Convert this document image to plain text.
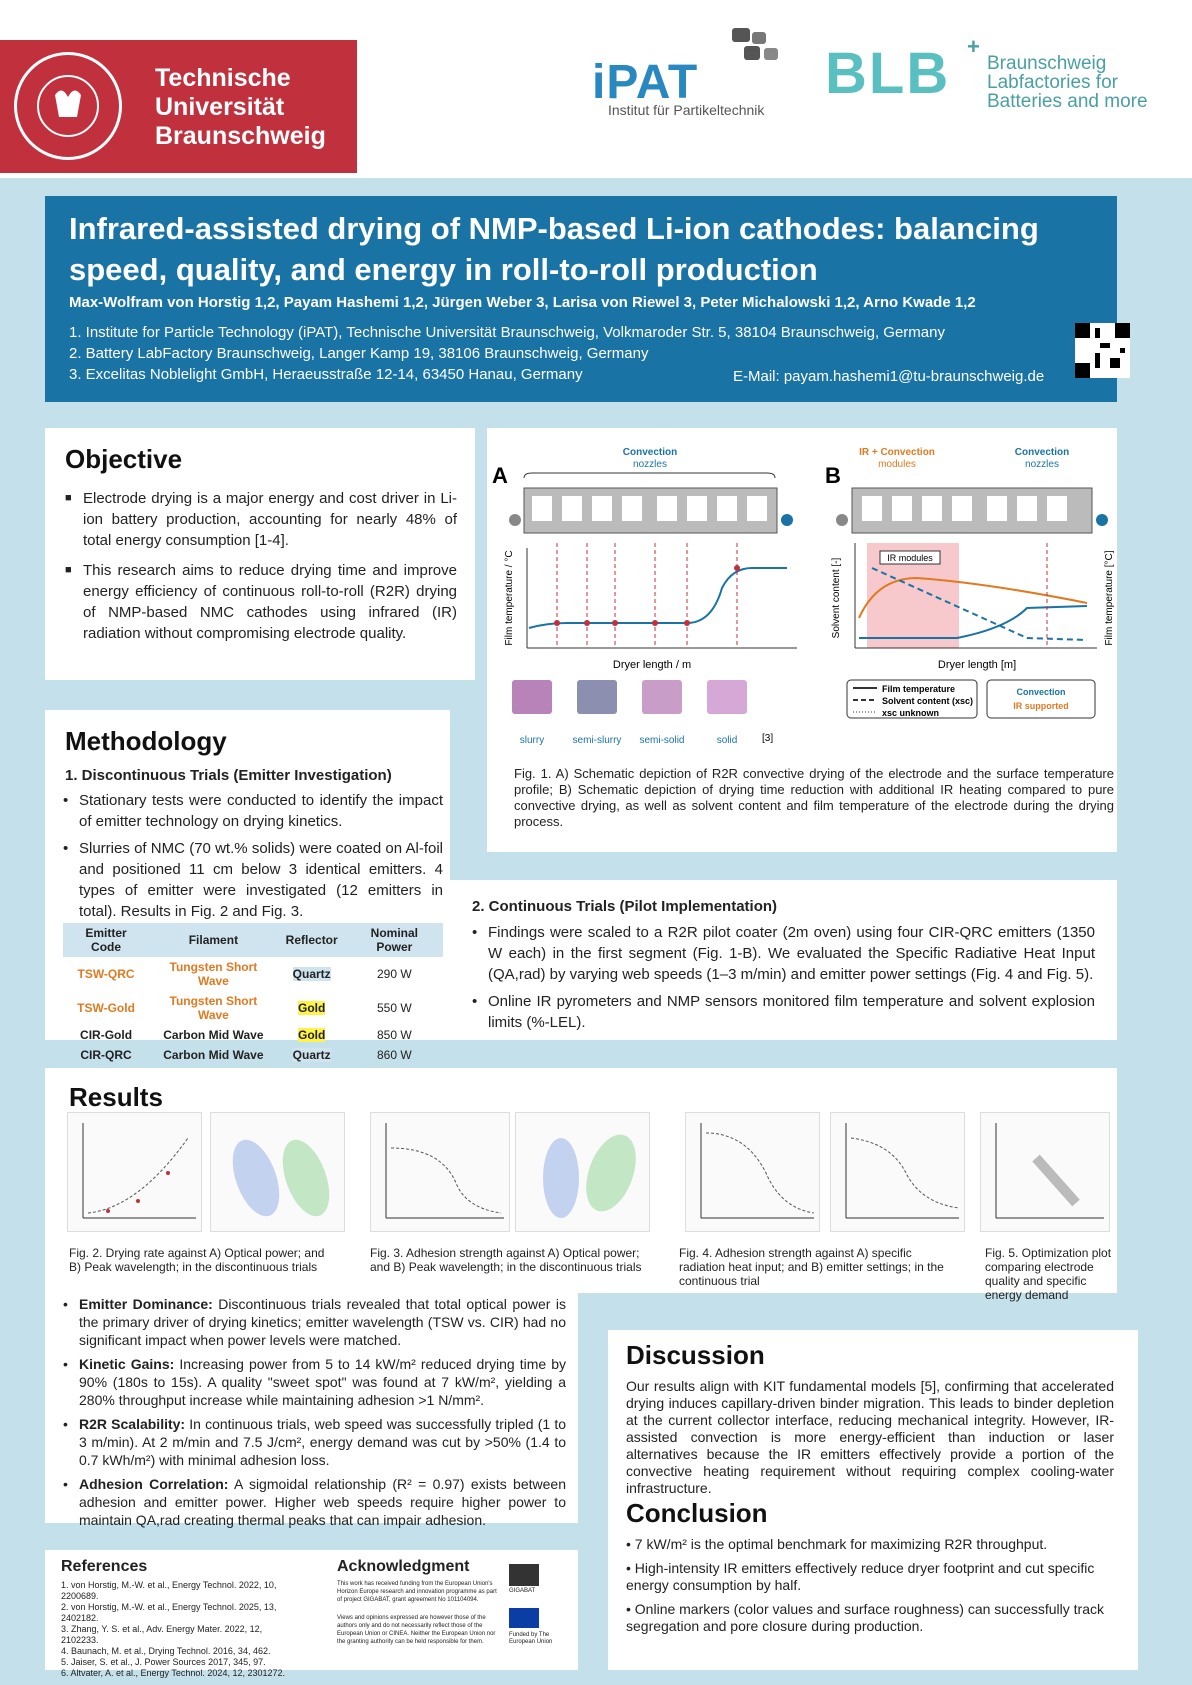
Technische
Universität
Braunschweig
iPAT
Institut für Partikeltechnik
BLB +
Braunschweig
Labfactories for
Batteries and more
Infrared-assisted drying of NMP-based Li-ion cathodes: balancing speed, quality, and energy in roll-to-roll production
Max-Wolfram von Horstig 1,2, Payam Hashemi 1,2, Jürgen Weber 3, Larisa von Riewel 3, Peter Michalowski 1,2, Arno Kwade 1,2
1. Institute for Particle Technology (iPAT), Technische Universität Braunschweig, Volkmaroder Str. 5, 38104 Braunschweig, Germany
2. Battery LabFactory Braunschweig, Langer Kamp 19, 38106 Braunschweig, Germany
3. Excelitas Noblelight GmbH, Heraeusstraße 12-14, 63450 Hanau, Germany	E-Mail: payam.hashemi1@tu-braunschweig.de
Objective
■ Electrode drying is a major energy and cost driver in Li-ion battery production, accounting for nearly 48% of total energy consumption [1-4].
■ This research aims to reduce drying time and improve energy efficiency of continuous roll-to-roll (R2R) drying of NMP-based NMC cathodes using infrared (IR) radiation without compromising electrode quality.
A	B
Convection
nozzles
Film temperature / °C
Dryer length / m
IR + Convection
modules
Convection
nozzles
IR modules
Solvent content [-]	Film temperature [°C]
Dryer length [m]
Film temperature
Solvent content (xsc)
xsc unknown
Convection
IR supported
slurry	semi-slurry semi-solid	solid [3]
Fig. 1. A) Schematic depiction of R2R convective drying of the electrode and the surface temperature profile; B) Schematic depiction of drying time reduction with additional IR heating compared to pure convective drying, as well as solvent content and film temperature of the electrode during the drying process.
Methodology
1. Discontinuous Trials (Emitter Investigation)
• Stationary tests were conducted to identify the impact of emitter technology on drying kinetics.
• Slurries of NMC (70 wt.% solids) were coated on Al-foil and positioned 11 cm below 3 identical emitters. 4 types of emitter were investigated (12 emitters in total). Results in Fig. 2 and Fig. 3.
Emitter Code	Filament	Reflector	Nominal Power
TSW-QRC	Tungsten Short Wave	Quartz	290 W
TSW-Gold	Tungsten Short Wave	Gold	550 W
CIR-Gold	Carbon Mid Wave	Gold	850 W
CIR-QRC	Carbon Mid Wave	Quartz	860 W
2. Continuous Trials (Pilot Implementation)
• Findings were scaled to a R2R pilot coater (2m oven) using four CIR-QRC emitters (1350 W each) in the first segment (Fig. 1-B). We evaluated the Specific Radiative Heat Input (QA,rad) by varying web speeds (1–3 m/min) and emitter power settings (Fig. 4 and Fig. 5).
• Online IR pyrometers and NMP sensors monitored film temperature and solvent explosion limits (%-LEL).
Results
Fig. 2. Drying rate against A) Optical power; and B) Peak wavelength; in the discontinuous trials
Fig. 3. Adhesion strength against A) Optical power; and B) Peak wavelength; in the discontinuous trials
Fig. 4. Adhesion strength against A) specific radiation heat input; and B) emitter settings; in the continuous trial
Fig. 5. Optimization plot comparing electrode quality and specific energy demand
• Emitter Dominance: Discontinuous trials revealed that total optical power is the primary driver of drying kinetics; emitter wavelength (TSW vs. CIR) had no significant impact when power levels were matched.
• Kinetic Gains: Increasing power from 5 to 14 kW/m² reduced drying time by 90% (180s to 15s). A quality "sweet spot" was found at 7 kW/m², yielding a 280% throughput increase while maintaining adhesion >1 N/mm².
• R2R Scalability: In continuous trials, web speed was successfully tripled (1 to 3 m/min). At 2 m/min and 7.5 J/cm², energy demand was cut by >50% (1.4 to 0.7 kWh/m²) with minimal adhesion loss.
• Adhesion Correlation: A sigmoidal relationship (R² = 0.97) exists between adhesion and emitter power. Higher web speeds require higher power to maintain QA,rad creating thermal peaks that can impair adhesion.
Discussion
Our results align with KIT fundamental models [5], confirming that accelerated drying induces capillary-driven binder migration. This leads to binder depletion at the current collector interface, reducing mechanical integrity. However, IR-assisted convection is more energy-efficient than induction or laser alternatives because the IR emitters effectively provide a portion of the convective heating requirement without requiring complex cooling-water infrastructure.
Conclusion
• 7 kW/m² is the optimal benchmark for maximizing R2R throughput.
• High-intensity IR emitters effectively reduce dryer footprint and cut specific energy consumption by half.
• Online markers (color values and surface roughness) can successfully track segregation and pore closure during production.
References
1. von Horstig, M.-W. et al., Energy Technol. 2022, 10, 2200689.
2. von Horstig, M.-W. et al., Energy Technol. 2025, 13, 2402182.
3. Zhang, Y. S. et al., Adv. Energy Mater. 2022, 12, 2102233.
4. Baunach, M. et al., Drying Technol. 2016, 34, 462.
5. Jaiser, S. et al., J. Power Sources 2017, 345, 97.
6. Altvater, A. et al., Energy Technol. 2024, 12, 2301272.
Acknowledgment
This work has received funding from the European Union's Horizon Europe research and innovation programme as part of project GIGABAT, grant agreement No 101104094.
Views and opinions expressed are however those of the authors only and do not necessarily reflect those of the European Union or CINEA. Neither the European Union nor the granting authority can be held responsible for them.
GIGABAT
Funded by The European Union
